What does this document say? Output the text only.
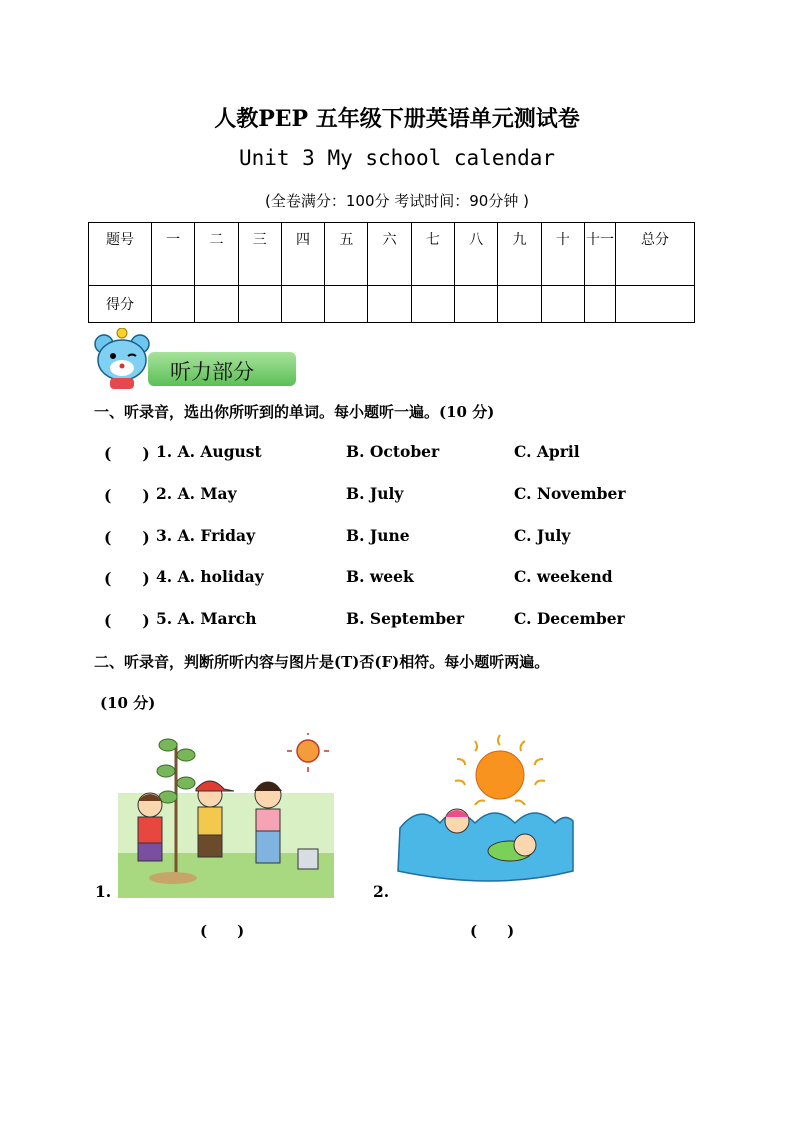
人教PEP 五年级下册英语单元测试卷
Unit 3 My school calendar
(全卷满分：100分 考试时间：90分钟 )
题号	一	二	三	四	五	六	七	八	九	十	十一	总分
得分												
听力部分
一、听录音，选出你所听到的单词。每小题听一遍。(10 分)
(　　) 1. A. August	B. October	C. April
(　　) 2. A. May	B. July	C. November
(　　) 3. A. Friday	B. June	C. July
(　　) 4. A. holiday	B. week	C. weekend
(　　) 5. A. March	B. September	C. December
二、听录音，判断所听内容与图片是(T)否(F)相符。每小题听两遍。
(10 分)
1.
(　　)
2.
(　　)
